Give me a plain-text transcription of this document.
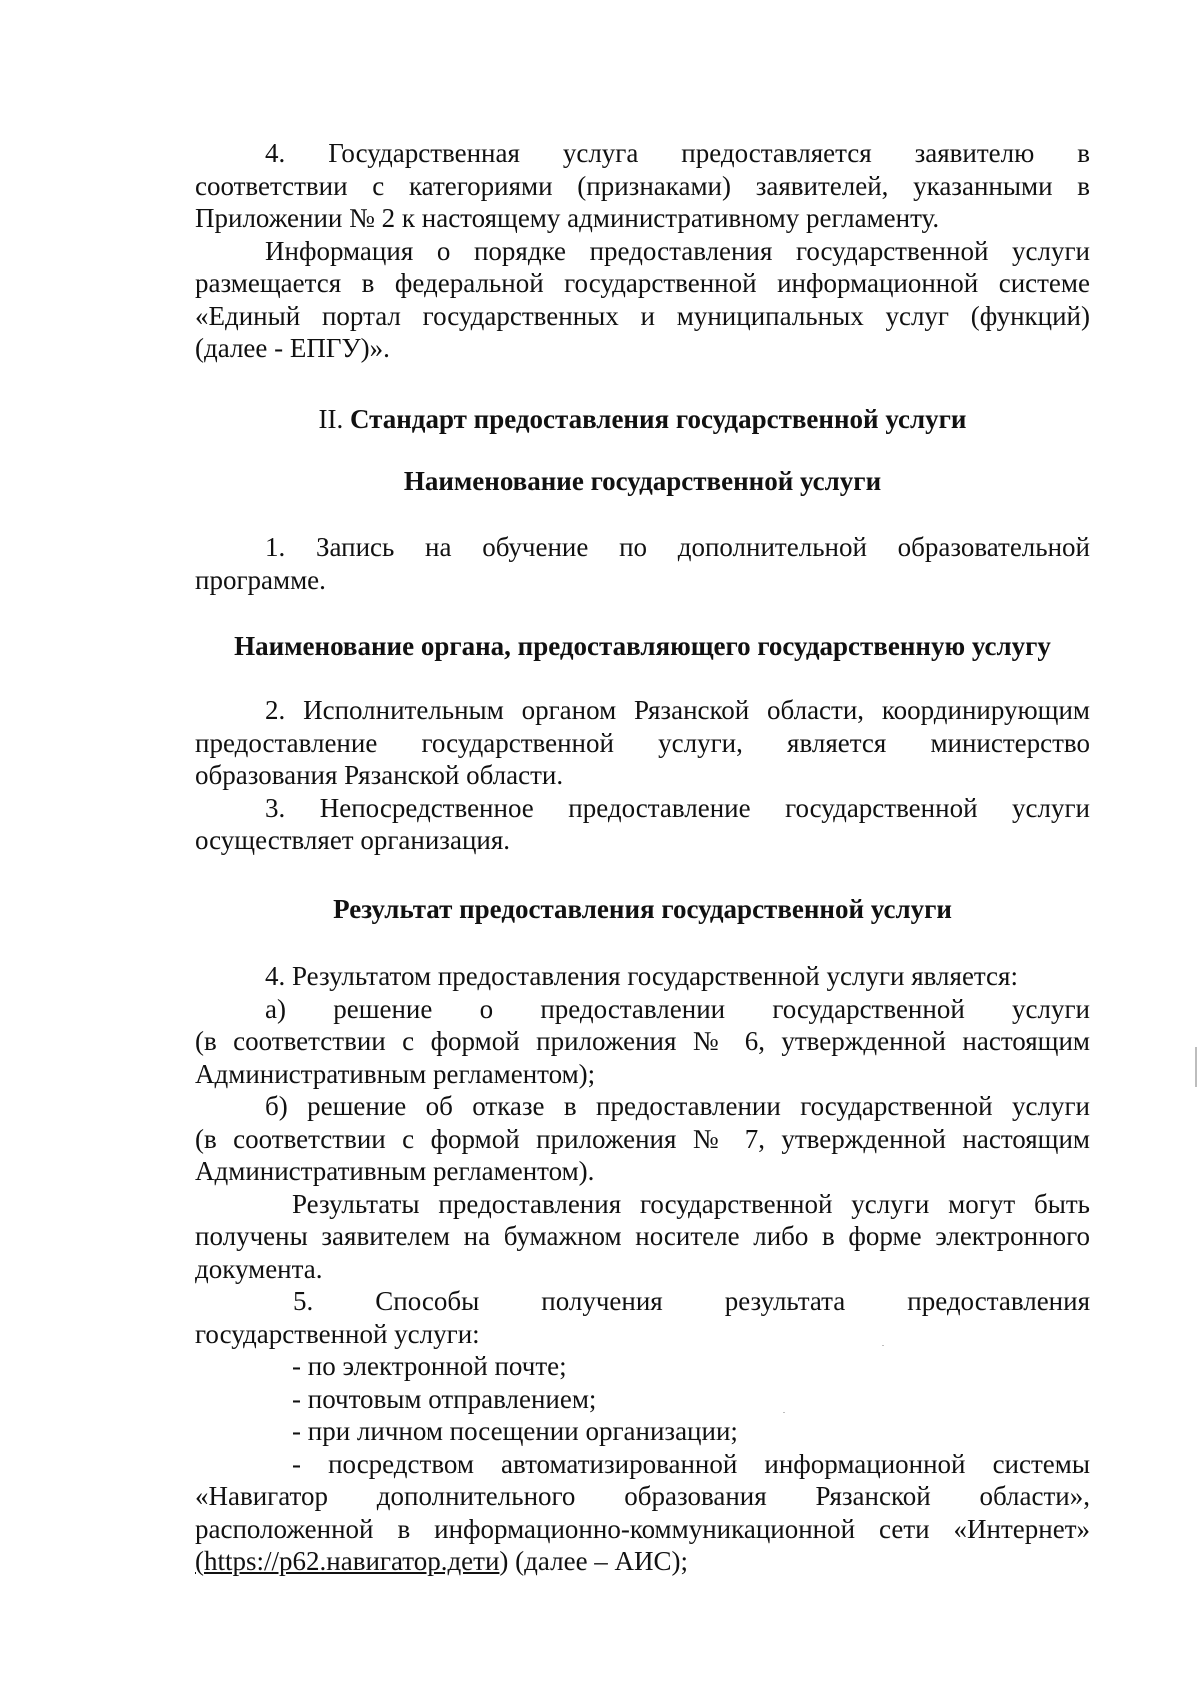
4. Государственная услуга предоставляется заявителю в
соответствии с категориями (признаками) заявителей, указанными в
Приложении № 2 к настоящему административному регламенту.
Информация о порядке предоставления государственной услуги
размещается в федеральной государственной информационной системе
«Единый портал государственных и муниципальных услуг (функций)
(далее - ЕПГУ)».
II. Стандарт предоставления государственной услуги
Наименование государственной услуги
1. Запись на обучение по дополнительной образовательной
программе.
Наименование органа, предоставляющего государственную услугу
2. Исполнительным органом Рязанской области, координирующим
предоставление государственной услуги, является министерство
образования Рязанской области.
3. Непосредственное предоставление государственной услуги
осуществляет организация.
Результат предоставления государственной услуги
4. Результатом предоставления государственной услуги является:
а) решение о предоставлении государственной услуги
(в соответствии с формой приложения № 6, утвержденной настоящим
Административным регламентом);
б) решение об отказе в предоставлении государственной услуги
(в соответствии с формой приложения № 7, утвержденной настоящим
Административным регламентом).
Результаты предоставления государственной услуги могут быть
получены заявителем на бумажном носителе либо в форме электронного
документа.
5. Способы получения результата предоставления
государственной услуги:
- по электронной почте;
- почтовым отправлением;
- при личном посещении организации;
- посредством автоматизированной информационной системы
«Навигатор дополнительного образования Рязанской области»,
расположенной в информационно-коммуникационной сети «Интернет»
(https://р62.навигатор.дети) (далее – АИС);
